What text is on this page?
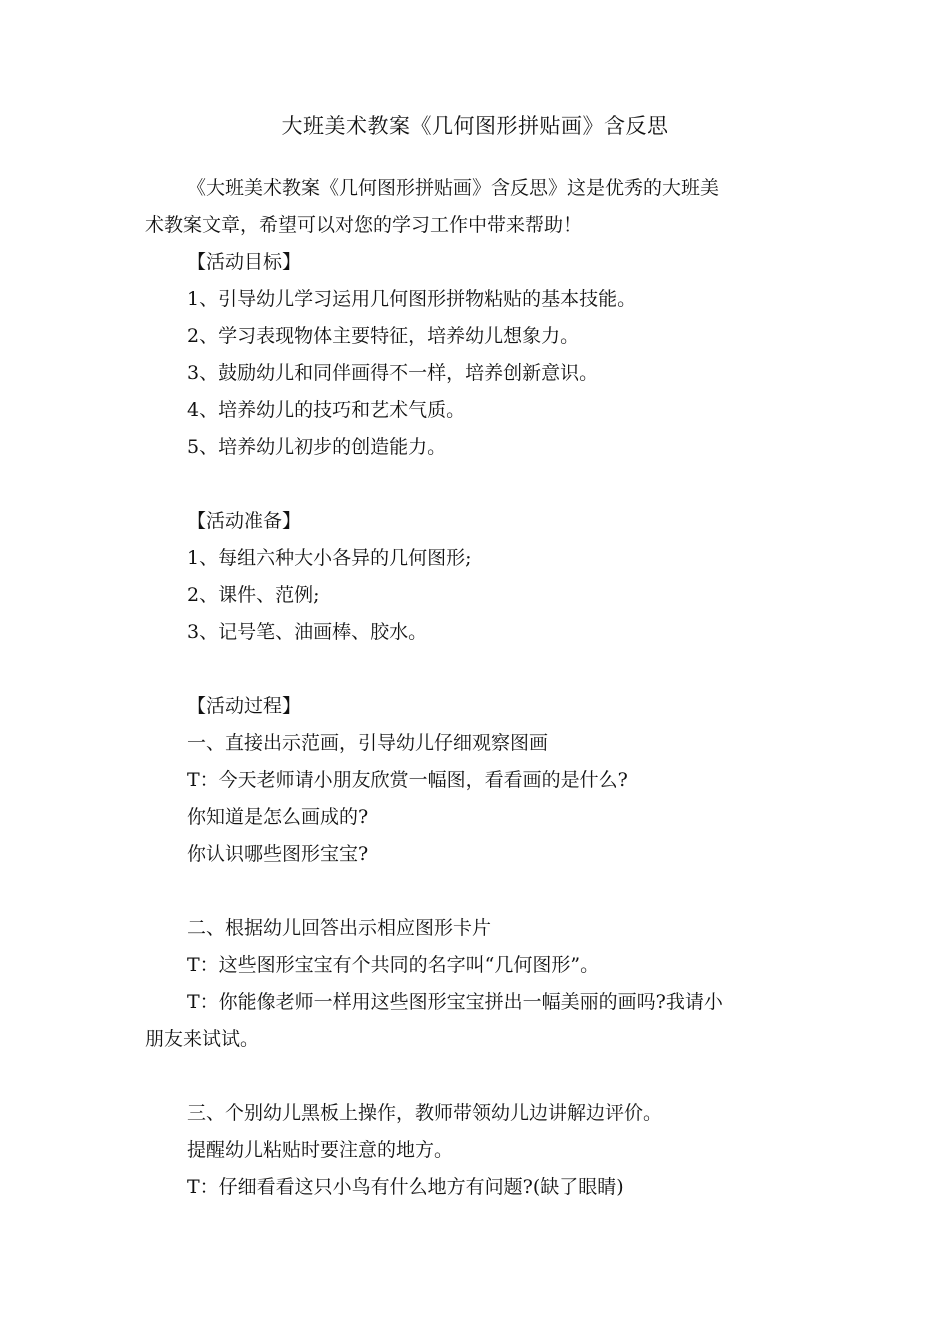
大班美术教案《几何图形拼贴画》含反思

《大班美术教案《几何图形拼贴画》含反思》这是优秀的大班美

术教案文章，希望可以对您的学习工作中带来帮助！

【活动目标】

1、引导幼儿学习运用几何图形拼物粘贴的基本技能。

2、学习表现物体主要特征，培养幼儿想象力。

3、鼓励幼儿和同伴画得不一样，培养创新意识。

4、培养幼儿的技巧和艺术气质。

5、培养幼儿初步的创造能力。

【活动准备】

1、每组六种大小各异的几何图形;

2、课件、范例;

3、记号笔、油画棒、胶水。

【活动过程】

一、直接出示范画，引导幼儿仔细观察图画

T：今天老师请小朋友欣赏一幅图，看看画的是什么?

你知道是怎么画成的?

你认识哪些图形宝宝?

二、根据幼儿回答出示相应图形卡片

T：这些图形宝宝有个共同的名字叫“几何图形”。

T：你能像老师一样用这些图形宝宝拼出一幅美丽的画吗?我请小

朋友来试试。

三、个别幼儿黑板上操作，教师带领幼儿边讲解边评价。

提醒幼儿粘贴时要注意的地方。

T：仔细看看这只小鸟有什么地方有问题?(缺了眼睛)
